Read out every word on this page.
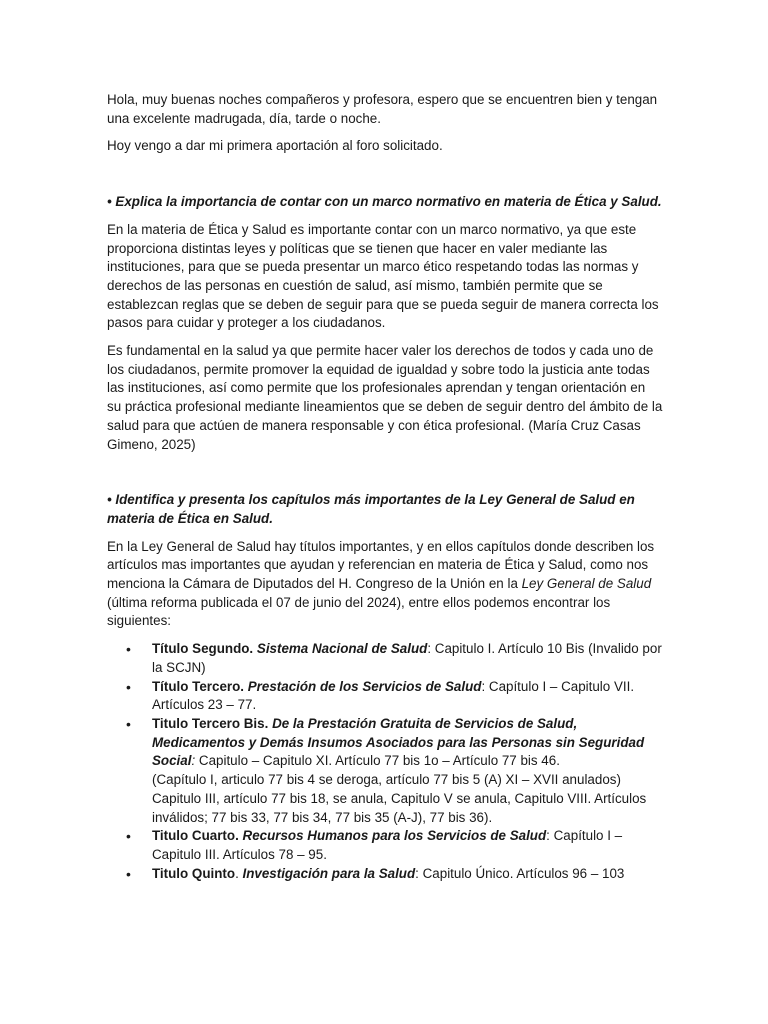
Hola, muy buenas noches compañeros y profesora, espero que se encuentren bien y tengan una excelente madrugada, día, tarde o noche.

Hoy vengo a dar mi primera aportación al foro solicitado.

• Explica la importancia de contar con un marco normativo en materia de Ética y Salud.

En la materia de Ética y Salud es importante contar con un marco normativo, ya que este proporciona distintas leyes y políticas que se tienen que hacer en valer mediante las instituciones, para que se pueda presentar un marco ético respetando todas las normas y derechos de las personas en cuestión de salud, así mismo, también permite que se establezcan reglas que se deben de seguir para que se pueda seguir de manera correcta los pasos para cuidar y proteger a los ciudadanos.

Es fundamental en la salud ya que permite hacer valer los derechos de todos y cada uno de los ciudadanos, permite promover la equidad de igualdad y sobre todo la justicia ante todas las instituciones, así como permite que los profesionales aprendan y tengan orientación en su práctica profesional mediante lineamientos que se deben de seguir dentro del ámbito de la salud para que actúen de manera responsable y con ética profesional. (María Cruz Casas Gimeno, 2025)

• Identifica y presenta los capítulos más importantes de la Ley General de Salud en materia de Ética en Salud.

En la Ley General de Salud hay títulos importantes, y en ellos capítulos donde describen los artículos mas importantes que ayudan y referencian en materia de Ética y Salud, como nos menciona la Cámara de Diputados del H. Congreso de la Unión en la Ley General de Salud (última reforma publicada el 07 de junio del 2024), entre ellos podemos encontrar los siguientes:

• Título Segundo. Sistema Nacional de Salud: Capitulo I. Artículo 10 Bis (Invalido por la SCJN)
• Título Tercero. Prestación de los Servicios de Salud: Capítulo I – Capitulo VII. Artículos 23 – 77.
• Titulo Tercero Bis. De la Prestación Gratuita de Servicios de Salud, Medicamentos y Demás Insumos Asociados para las Personas sin Seguridad Social: Capitulo – Capitulo XI. Artículo 77 bis 1o – Artículo 77 bis 46.
(Capítulo I, articulo 77 bis 4 se deroga, artículo 77 bis 5 (A) XI – XVII anulados) Capitulo III, artículo 77 bis 18, se anula, Capitulo V se anula, Capitulo VIII. Artículos inválidos; 77 bis 33, 77 bis 34, 77 bis 35 (A-J), 77 bis 36).
• Titulo Cuarto. Recursos Humanos para los Servicios de Salud: Capítulo I – Capitulo III. Artículos 78 – 95.
• Titulo Quinto. Investigación para la Salud: Capitulo Único. Artículos 96 – 103
